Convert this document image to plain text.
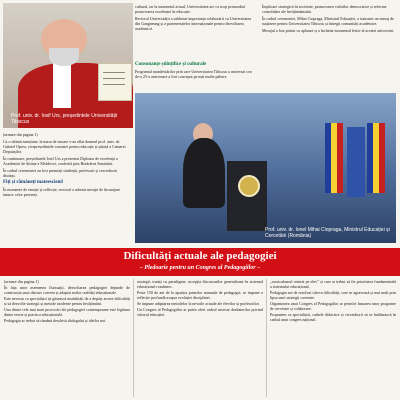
Prof. univ. dr. Iosif Urs, președintele Universității Tibiscus

cultural, iar la momentul actual, Universitatea are ca scop primordial promovarea excelenței în educație.

Rectorul Universității a subliniat importanța colaborării cu Universitatea din Gangneung și a parteneriatelor internaționale pentru dezvoltarea academică.

Împlicare strategică în societate, promovarea valorilor democratice și reforme consolidate ale învățământului.

În cadrul ceremoniei, Mihai Ciopraga, Ministrul Educației, a transmis un mesaj de susținere pentru Universitatea Tibiscus și întregii comunități academice.

Mesajul a fost primit cu aplauze și a încheiat momentul festiv al acestei aniversări.

Prof. univ. dr. Ionel Mihai Ciopraga, Ministrul Educației și Cercetării (România)

(urmare din pagina 1)

Ca o ultimă mențiune, la masa de onoare s-au aflat domnul prof. univ. dr. Gabriel Oprea, vicepreședintele comisiei pentru educație și știință a Camerei Deputaților.

În continuare, președintele Iosif Urs a prezentat Diploma de excelență a Academiei de Științe a Moldovei, conferită prin Hotărârea Senatului.

În cadrul ceremoniei au fost premiați studenții, profesorii și cercetătorii distinși.

Fiți și rămâneți mateescieni!

În momente de emoție și reflecție, rectorul a adresat mesaje de încurajare tuturor celor prezenți.

Consonanțe științifice și culturale

Programul manifestărilor prin care Universitatea Tibiscus a aniversat cea de-a 25-a aniversare a fost conceput pe mai multe paliere.

Dificultăți actuale ale pedagogiei
– Pledoarie pentru un Congres al Pedagogiilor –

(urmare din pagina 1)

În fața unor asemenea fluctuații, dezvoltarea pedagogiei depinde de construcția unui discurs coerent și adaptat noilor realități educaționale.

Este necesar ca specialiștii să găsească modalități de a depăși aceste dificultăți și să dezvolte strategii și metode moderne pentru învățământ.

Una dintre cele mai mari provocări ale pedagogiei contemporane este legătura dintre teorie și practica educațională.

Pedagogia ar trebui să rămână deschisă dialogului și ideilor noi.

strategii, tratați cu paradigme, accepția discursurilor generalizate în sistemul educațional românesc.

Peste 150 de ani de la apariția primelor manuale de pedagogie, se impune o reflecție profundă asupra evoluției disciplinei.

Se impune adaptarea metodelor la nevoile actuale ale elevilor și profesorilor.

Un Congres al Pedagogiilor ar putea oferi cadrul necesar dezbaterilor privind viitorul educației.

„curriculumul centrat pe elev” și care ar trebui să fie prioritatea fundamentală a sistemului educațional.

Pedagogia are de rezolvat câteva dificultăți, care se agravează și mai mult prin lipsa unei strategii coerente.

Organizarea unui Congres al Pedagogiilor ar permite lansarea unor programe de cercetare și colaborare.

Propunem ca specialiștii, cadrele didactice și cercetătorii să se întâlnească în cadrul unui congres național.
